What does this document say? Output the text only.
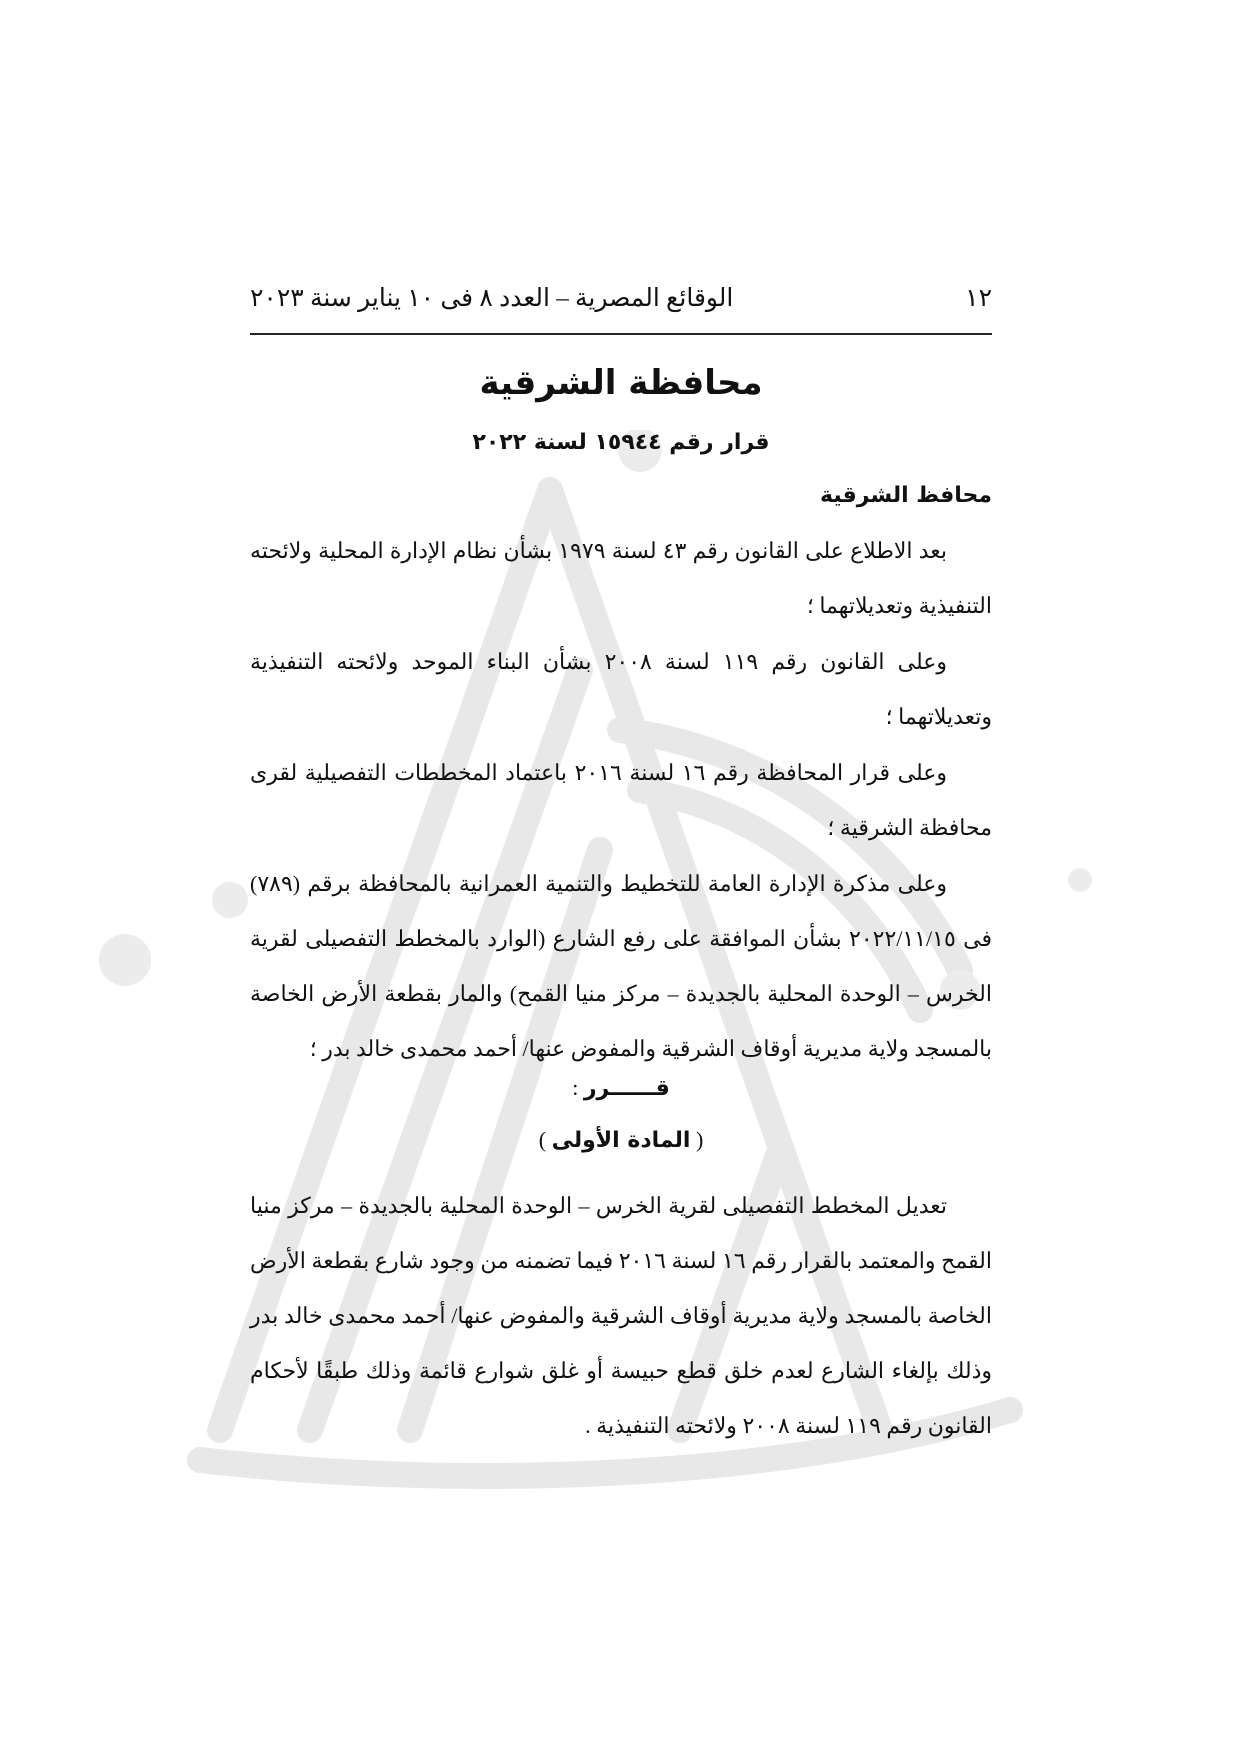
١٢
الوقائع المصرية – العدد ٨ فى ١٠ يناير سنة ٢٠٢٣
محافظة الشرقية
قرار رقم ١٥٩٤٤ لسنة ٢٠٢٢
محافظ الشرقية
بعد الاطلاع على القانون رقم ٤٣ لسنة ١٩٧٩ بشأن نظام الإدارة المحلية ولائحته التنفيذية وتعديلاتهما ؛
وعلى القانون رقم ١١٩ لسنة ٢٠٠٨ بشأن البناء الموحد ولائحته التنفيذية وتعديلاتهما ؛
وعلى قرار المحافظة رقم ١٦ لسنة ٢٠١٦ باعتماد المخططات التفصيلية لقرى محافظة الشرقية ؛
وعلى مذكرة الإدارة العامة للتخطيط والتنمية العمرانية بالمحافظة برقم (٧٨٩) فى ٢٠٢٢/١١/١٥ بشأن الموافقة على رفع الشارع (الوارد بالمخطط التفصيلى لقرية الخرس – الوحدة المحلية بالجديدة – مركز منيا القمح) والمار بقطعة الأرض الخاصة بالمسجد ولاية مديرية أوقاف الشرقية والمفوض عنها/ أحمد محمدى خالد بدر ؛
قــــــرر :
( المادة الأولى )
تعديل المخطط التفصيلى لقرية الخرس – الوحدة المحلية بالجديدة – مركز منيا القمح والمعتمد بالقرار رقم ١٦ لسنة ٢٠١٦ فيما تضمنه من وجود شارع بقطعة الأرض الخاصة بالمسجد ولاية مديرية أوقاف الشرقية والمفوض عنها/ أحمد محمدى خالد بدر وذلك بإلغاء الشارع لعدم خلق قطع حبيسة أو غلق شوارع قائمة وذلك طبقًا لأحكام القانون رقم ١١٩ لسنة ٢٠٠٨ ولائحته التنفيذية .
